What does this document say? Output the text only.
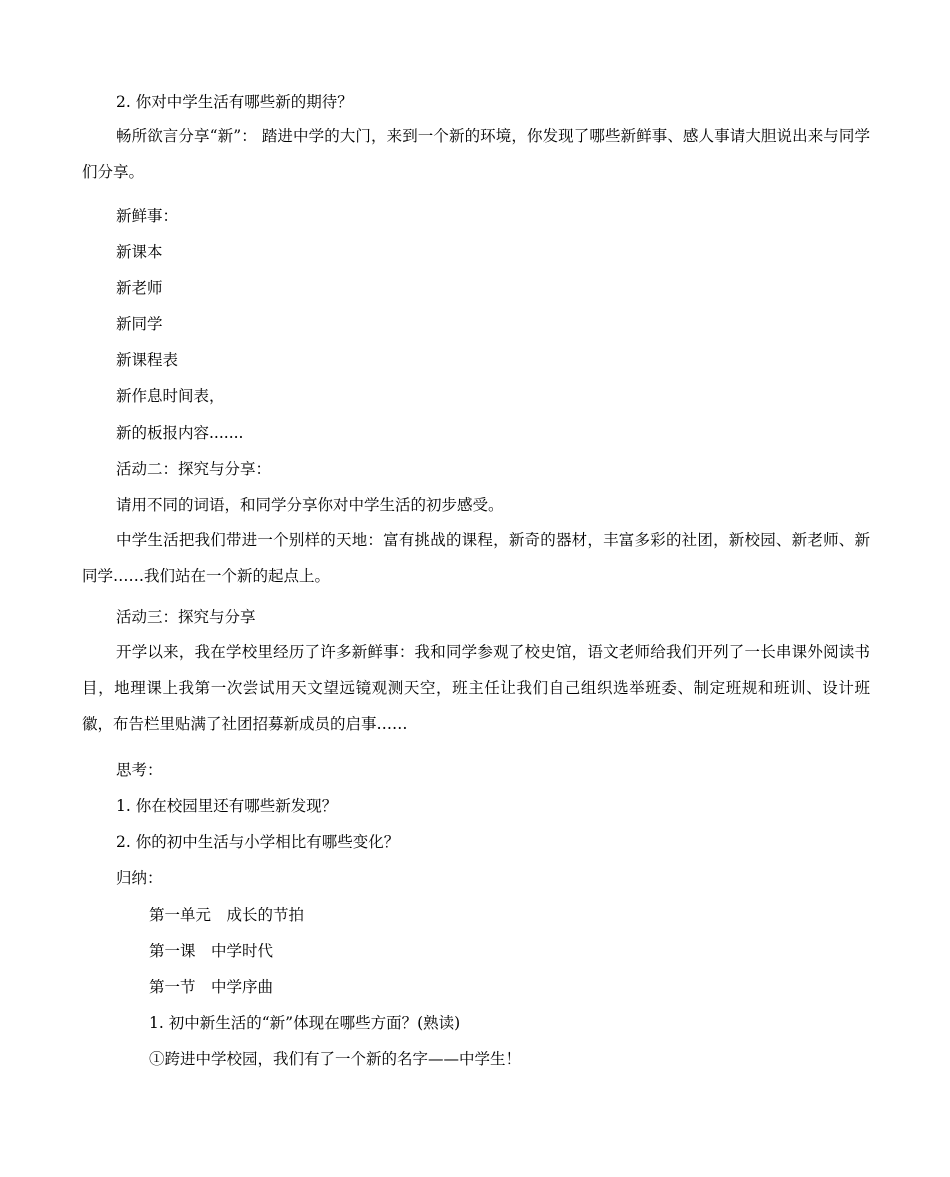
2. 你对中学生活有哪些新的期待？
畅所欲言分享“新”： 踏进中学的大门，来到一个新的环境，你发现了哪些新鲜事、感人事请大胆说出来与同学们分享。
新鲜事：
新课本
新老师
新同学
新课程表
新作息时间表，
新的板报内容.......
活动二：探究与分享：
请用不同的词语，和同学分享你对中学生活的初步感受。
中学生活把我们带进一个别样的天地：富有挑战的课程，新奇的器材，丰富多彩的社团，新校园、新老师、新同学……我们站在一个新的起点上。
活动三：探究与分享
开学以来，我在学校里经历了许多新鲜事：我和同学参观了校史馆，语文老师给我们开列了一长串课外阅读书目，地理课上我第一次尝试用天文望远镜观测天空，班主任让我们自己组织选举班委、制定班规和班训、设计班徽，布告栏里贴满了社团招募新成员的启事……
思考：
1. 你在校园里还有哪些新发现？
2. 你的初中生活与小学相比有哪些变化？
归纳：
第一单元　成长的节拍
第一课　中学时代
第一节　中学序曲
1. 初中新生活的“新”体现在哪些方面？(熟读)
①跨进中学校园，我们有了一个新的名字——中学生！
